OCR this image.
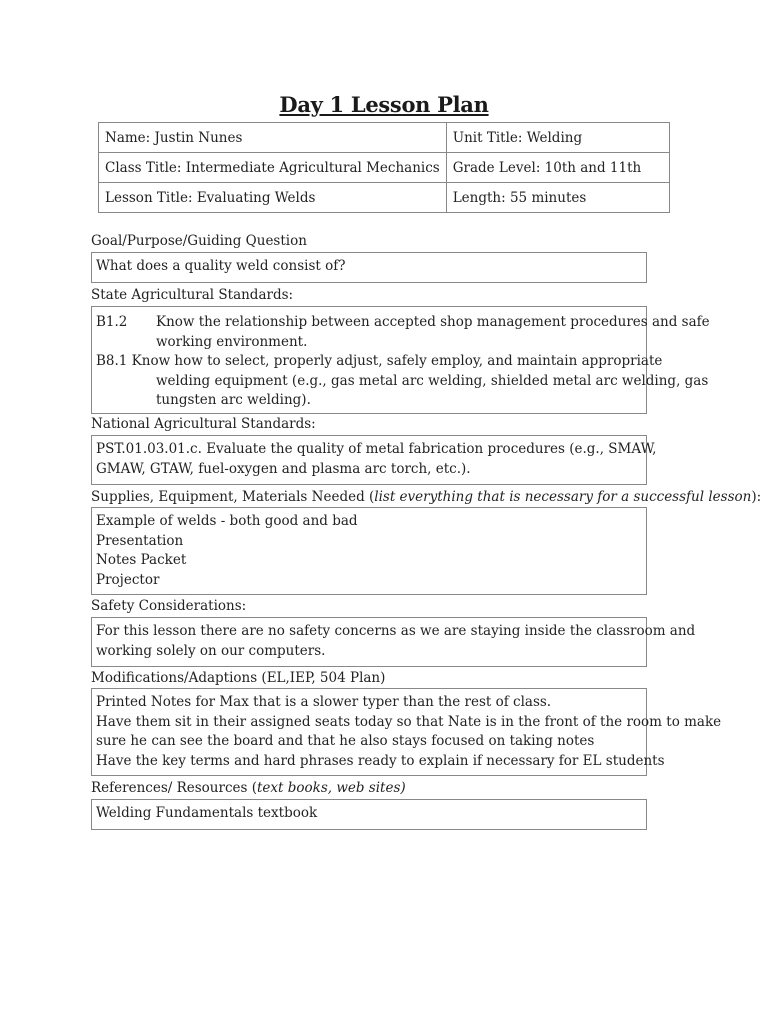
Day 1 Lesson Plan
Name: Justin Nunes	Unit Title: Welding
Class Title: Intermediate Agricultural Mechanics	Grade Level: 10th and 11th
Lesson Title: Evaluating Welds	Length: 55 minutes
Goal/Purpose/Guiding Question
What does a quality weld consist of?
State Agricultural Standards:
B1.2	Know the relationship between accepted shop management procedures and safe
working environment.
B8.1 Know how to select, properly adjust, safely employ, and maintain appropriate
welding equipment (e.g., gas metal arc welding, shielded metal arc welding, gas
tungsten arc welding).
National Agricultural Standards:
PST.01.03.01.c. Evaluate the quality of metal fabrication procedures (e.g., SMAW,
GMAW, GTAW, fuel-oxygen and plasma arc torch, etc.).
Supplies, Equipment, Materials Needed (list everything that is necessary for a successful lesson):
Example of welds - both good and bad
Presentation
Notes Packet
Projector
Safety Considerations:
For this lesson there are no safety concerns as we are staying inside the classroom and
working solely on our computers.
Modifications/Adaptions (EL,IEP, 504 Plan)
Printed Notes for Max that is a slower typer than the rest of class.
Have them sit in their assigned seats today so that Nate is in the front of the room to make
sure he can see the board and that he also stays focused on taking notes
Have the key terms and hard phrases ready to explain if necessary for EL students
References/ Resources (text books, web sites)
Welding Fundamentals textbook
